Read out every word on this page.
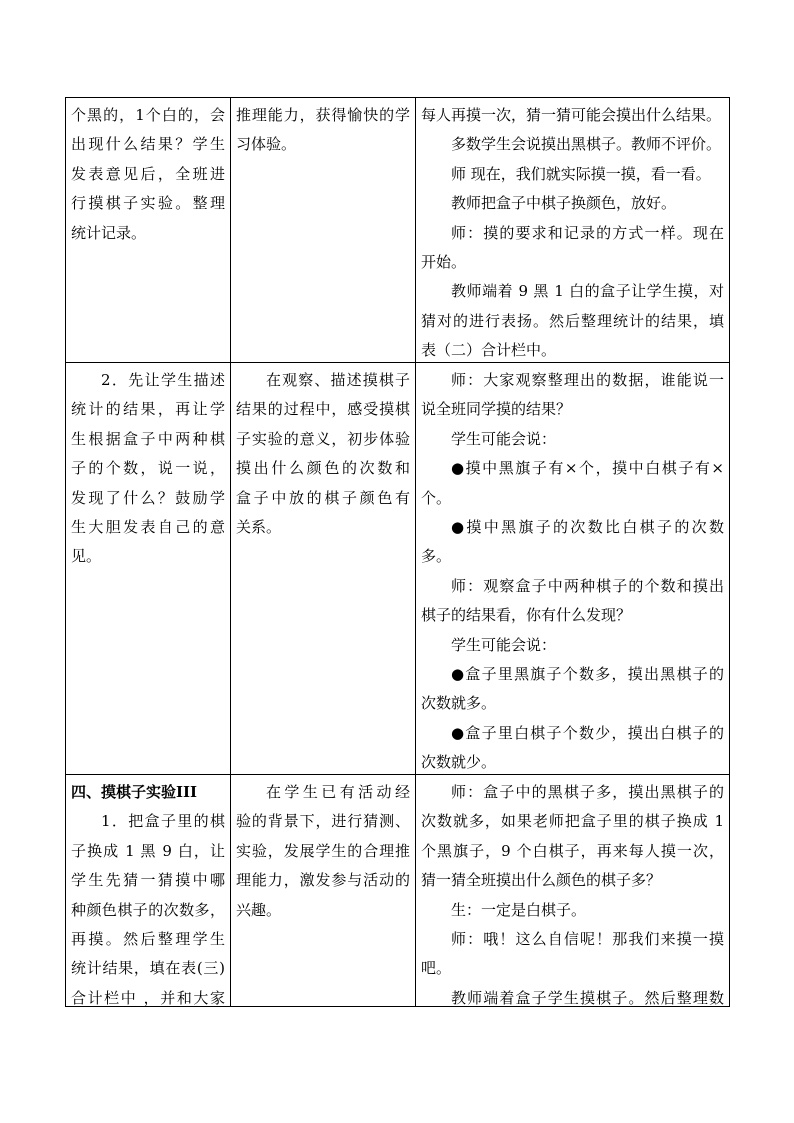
个黑的，1个白的，会
出现什么结果？学生
发表意见后，全班进
行摸棋子实验。整理
统计记录。
推理能力，获得愉快的学
习体验。
每人再摸一次，猜一猜可能会摸出什么结果。
多数学生会说摸出黑棋子。教师不评价。
师 现在，我们就实际摸一摸，看一看。
教师把盒子中棋子换颜色，放好。
师：摸的要求和记录的方式一样。现在
开始。
教师端着 9 黑 1 白的盒子让学生摸，对
猜对的进行表扬。然后整理统计的结果，填
表（二）合计栏中。
2．先让学生描述
统计的结果，再让学
生根据盒子中两种棋
子的个数，说一说，
发现了什么？鼓励学
生大胆发表自己的意
见。
在观察、描述摸棋子
结果的过程中，感受摸棋
子实验的意义，初步体验
摸出什么颜色的次数和
盒子中放的棋子颜色有
关系。
师：大家观察整理出的数据，谁能说一
说全班同学摸的结果？
学生可能会说：
●摸中黑旗子有×个，摸中白棋子有×
个。
●摸中黑旗子的次数比白棋子的次数
多。
师：观察盒子中两种棋子的个数和摸出
棋子的结果看，你有什么发现？
学生可能会说：
●盒子里黑旗子个数多，摸出黑棋子的
次数就多。
●盒子里白棋子个数少，摸出白棋子的
次数就少。
四、摸棋子实验III
1．把盒子里的棋
子换成 1 黑 9 白，让
学生先猜一猜摸中哪
种颜色棋子的次数多，
再摸。然后整理学生
统计结果，填在表(三)
合计栏中 ，并和大家
在学生已有活动经
验的背景下，进行猜测、
实验，发展学生的合理推
理能力，激发参与活动的
兴趣。
师：盒子中的黑棋子多，摸出黑棋子的
次数就多，如果老师把盒子里的棋子换成 1
个黑旗子，9 个白棋子，再来每人摸一次，
猜一猜全班摸出什么颜色的棋子多？
生：一定是白棋子。
师：哦！这么自信呢！那我们来摸一摸
吧。
教师端着盒子学生摸棋子。然后整理数
